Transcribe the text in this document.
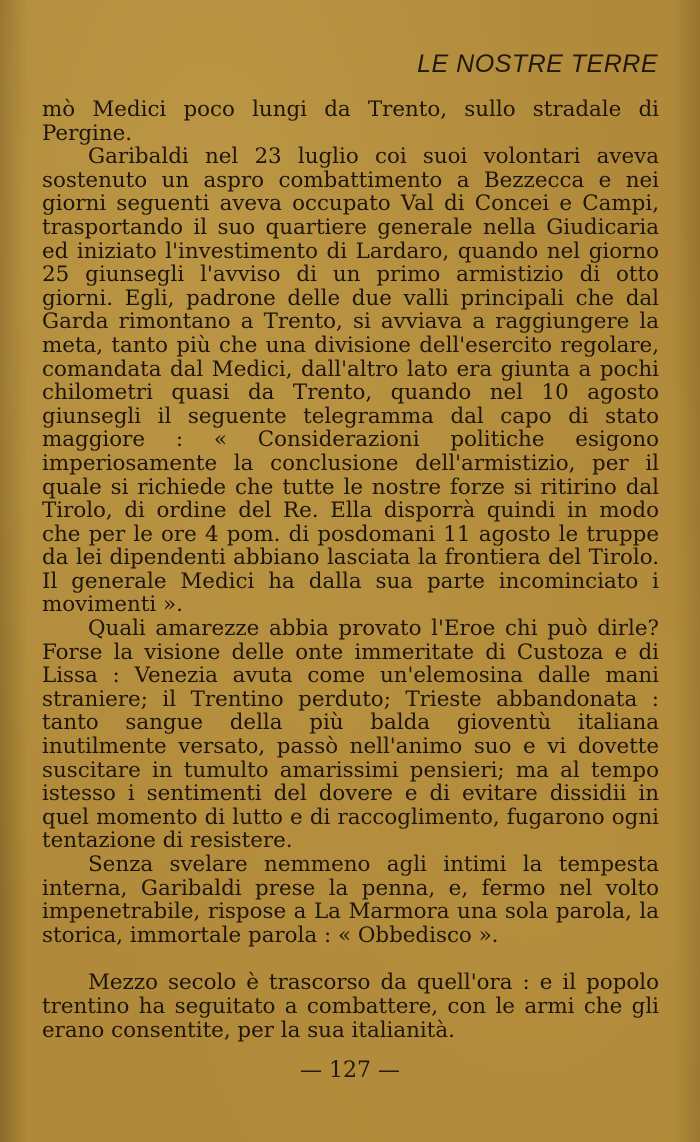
LE NOSTRE TERRE

mò Medici poco lungi da Trento, sullo stradale di Pergine.

Garibaldi nel 23 luglio coi suoi volontari aveva sostenuto un aspro combattimento a Bezzecca e nei giorni seguenti aveva occupato Val di Concei e Campi, trasportando il suo quartiere generale nella Giudicaria ed iniziato l'investimento di Lardaro, quando nel giorno 25 giunsegli l'avviso di un primo armistizio di otto giorni. Egli, padrone delle due valli principali che dal Garda rimontano a Trento, si avviava a raggiungere la meta, tanto più che una divisione dell'esercito regolare, comandata dal Medici, dall'altro lato era giunta a pochi chilometri quasi da Trento, quando nel 10 agosto giunsegli il seguente telegramma dal capo di stato maggiore : « Considerazioni politiche esigono imperiosamente la conclusione dell'armistizio, per il quale si richiede che tutte le nostre forze si ritirino dal Tirolo, di ordine del Re. Ella disporrà quindi in modo che per le ore 4 pom. di posdomani 11 agosto le truppe da lei dipendenti abbiano lasciata la frontiera del Tirolo. Il generale Medici ha dalla sua parte incominciato i movimenti ».

Quali amarezze abbia provato l'Eroe chi può dirle? Forse la visione delle onte immeritate di Custoza e di Lissa : Venezia avuta come un'elemosina dalle mani straniere; il Trentino perduto; Trieste abbandonata : tanto sangue della più balda gioventù italiana inutilmente versato, passò nell'animo suo e vi dovette suscitare in tumulto amarissimi pensieri; ma al tempo istesso i sentimenti del dovere e di evitare dissidii in quel momento di lutto e di raccoglimento, fugarono ogni tentazione di resistere.

Senza svelare nemmeno agli intimi la tempesta interna, Garibaldi prese la penna, e, fermo nel volto impenetrabile, rispose a La Marmora una sola parola, la storica, immortale parola : « Obbedisco ».

Mezzo secolo è trascorso da quell'ora : e il popolo trentino ha seguitato a combattere, con le armi che gli erano consentite, per la sua italianità.

— 127 —
